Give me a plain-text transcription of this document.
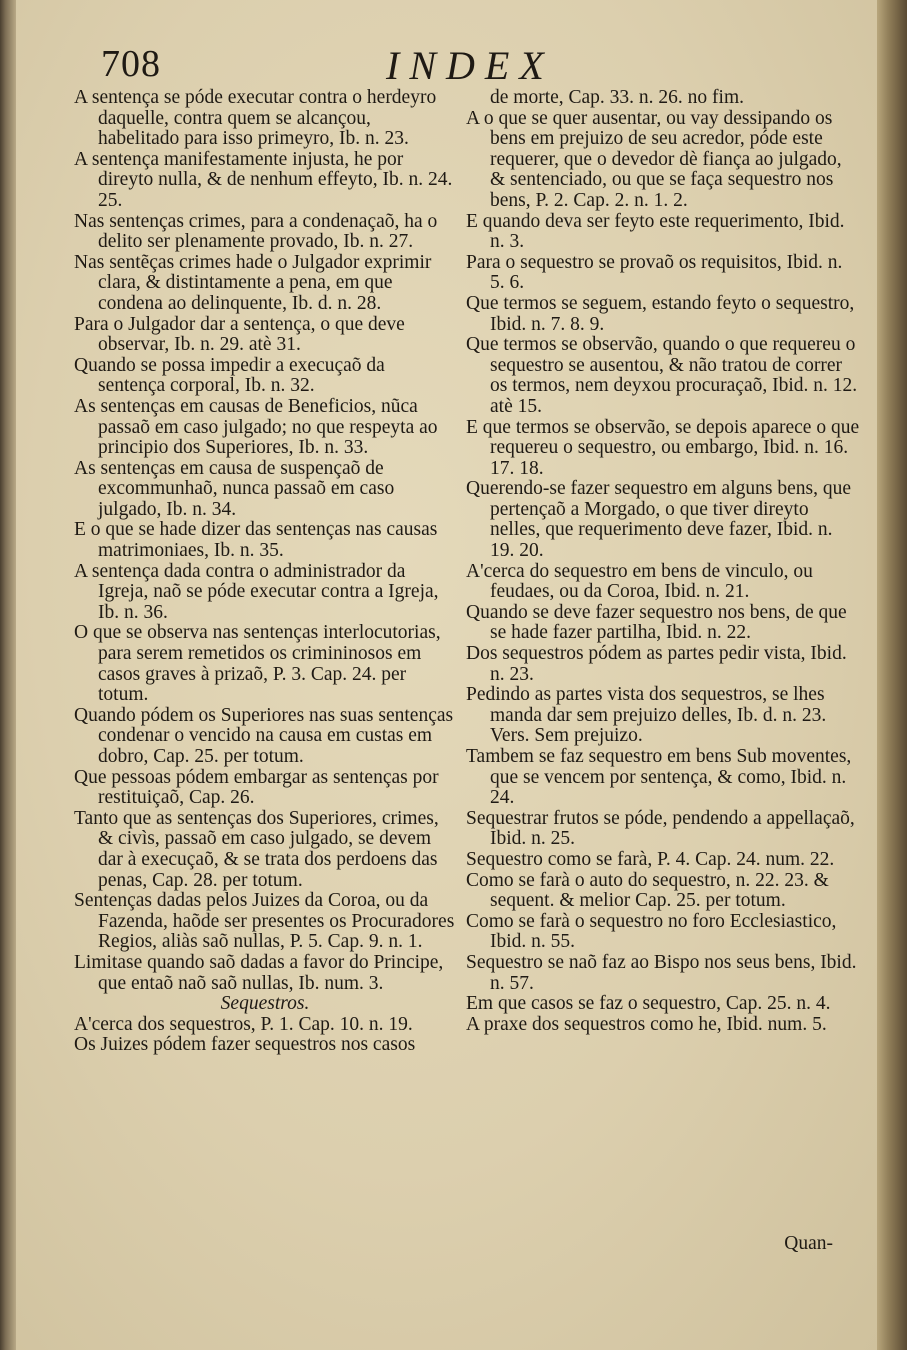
708	INDEX

A sentença se póde executar contra o herdeyro daquelle, contra quem se alcançou, habelitado para isso primeyro, Ib. n. 23.

A sentença manifestamente injusta, he por direyto nulla, & de nenhum effeyto, Ib. n. 24. 25.

Nas sentenças crimes, para a condenaçaõ, ha o delito ser plenamente provado, Ib. n. 27.

Nas sentẽças crimes hade o Julgador exprimir clara, & distintamente a pena, em que condena ao delinquente, Ib. d. n. 28.

Para o Julgador dar a sentença, o que deve observar, Ib. n. 29. atè 31.

Quando se possa impedir a execuçaõ da sentença corporal, Ib. n. 32.

As sentenças em causas de Beneficios, nũca passaõ em caso julgado; no que respeyta ao principio dos Superiores, Ib. n. 33.

As sentenças em causa de suspençaõ de excommunhaõ, nunca passaõ em caso julgado, Ib. n. 34.

E o que se hade dizer das sentenças nas causas matrimoniaes, Ib. n. 35.

A sentença dada contra o administrador da Igreja, naõ se póde executar contra a Igreja, Ib. n. 36.

O que se observa nas sentenças interlocutorias, para serem remetidos os crimininosos em casos graves à prizaõ, P. 3. Cap. 24. per totum.

Quando pódem os Superiores nas suas sentenças condenar o vencido na causa em custas em dobro, Cap. 25. per totum.

Que pessoas pódem embargar as sentenças por restituiçaõ, Cap. 26.

Tanto que as sentenças dos Superiores, crimes, & civìs, passaõ em caso julgado, se devem dar à execuçaõ, & se trata dos perdoens das penas, Cap. 28. per totum.

Sentenças dadas pelos Juizes da Coroa, ou da Fazenda, haõde ser presentes os Procuradores Regios, aliàs saõ nullas, P. 5. Cap. 9. n. 1.

Limitase quando saõ dadas a favor do Principe, que entaõ naõ saõ nullas, Ib. num. 3.

Sequestros.

A'cerca dos sequestros, P. 1. Cap. 10. n. 19.

Os Juizes pódem fazer sequestros nos casos

de morte, Cap. 33. n. 26. no fim.

A o que se quer ausentar, ou vay dessipando os bens em prejuizo de seu acredor, póde este requerer, que o devedor dè fiança ao julgado, & sentenciado, ou que se faça sequestro nos bens, P. 2. Cap. 2. n. 1. 2.

E quando deva ser feyto este requerimento, Ibid. n. 3.

Para o sequestro se provaõ os requisitos, Ibid. n. 5. 6.

Que termos se seguem, estando feyto o sequestro, Ibid. n. 7. 8. 9.

Que termos se observão, quando o que requereu o sequestro se ausentou, & não tratou de correr os termos, nem deyxou procuraçaõ, Ibid. n. 12. atè 15.

E que termos se observão, se depois aparece o que requereu o sequestro, ou embargo, Ibid. n. 16. 17. 18.

Querendo-se fazer sequestro em alguns bens, que pertençaõ a Morgado, o que tiver direyto nelles, que requerimento deve fazer, Ibid. n. 19. 20.

A'cerca do sequestro em bens de vinculo, ou feudaes, ou da Coroa, Ibid. n. 21.

Quando se deve fazer sequestro nos bens, de que se hade fazer partilha, Ibid. n. 22.

Dos sequestros pódem as partes pedir vista, Ibid. n. 23.

Pedindo as partes vista dos sequestros, se lhes manda dar sem prejuizo delles, Ib. d. n. 23. Vers. Sem prejuizo.

Tambem se faz sequestro em bens Sub moventes, que se vencem por sentença, & como, Ibid. n. 24.

Sequestrar frutos se póde, pendendo a appellaçaõ, Ibid. n. 25.

Sequestro como se farà, P. 4. Cap. 24. num. 22.

Como se farà o auto do sequestro, n. 22. 23. & sequent. & melior Cap. 25. per totum.

Como se farà o sequestro no foro Ecclesiastico, Ibid. n. 55.

Sequestro se naõ faz ao Bispo nos seus bens, Ibid. n. 57.

Em que casos se faz o sequestro, Cap. 25. n. 4.

A praxe dos sequestros como he, Ibid. num. 5.

Quan-
